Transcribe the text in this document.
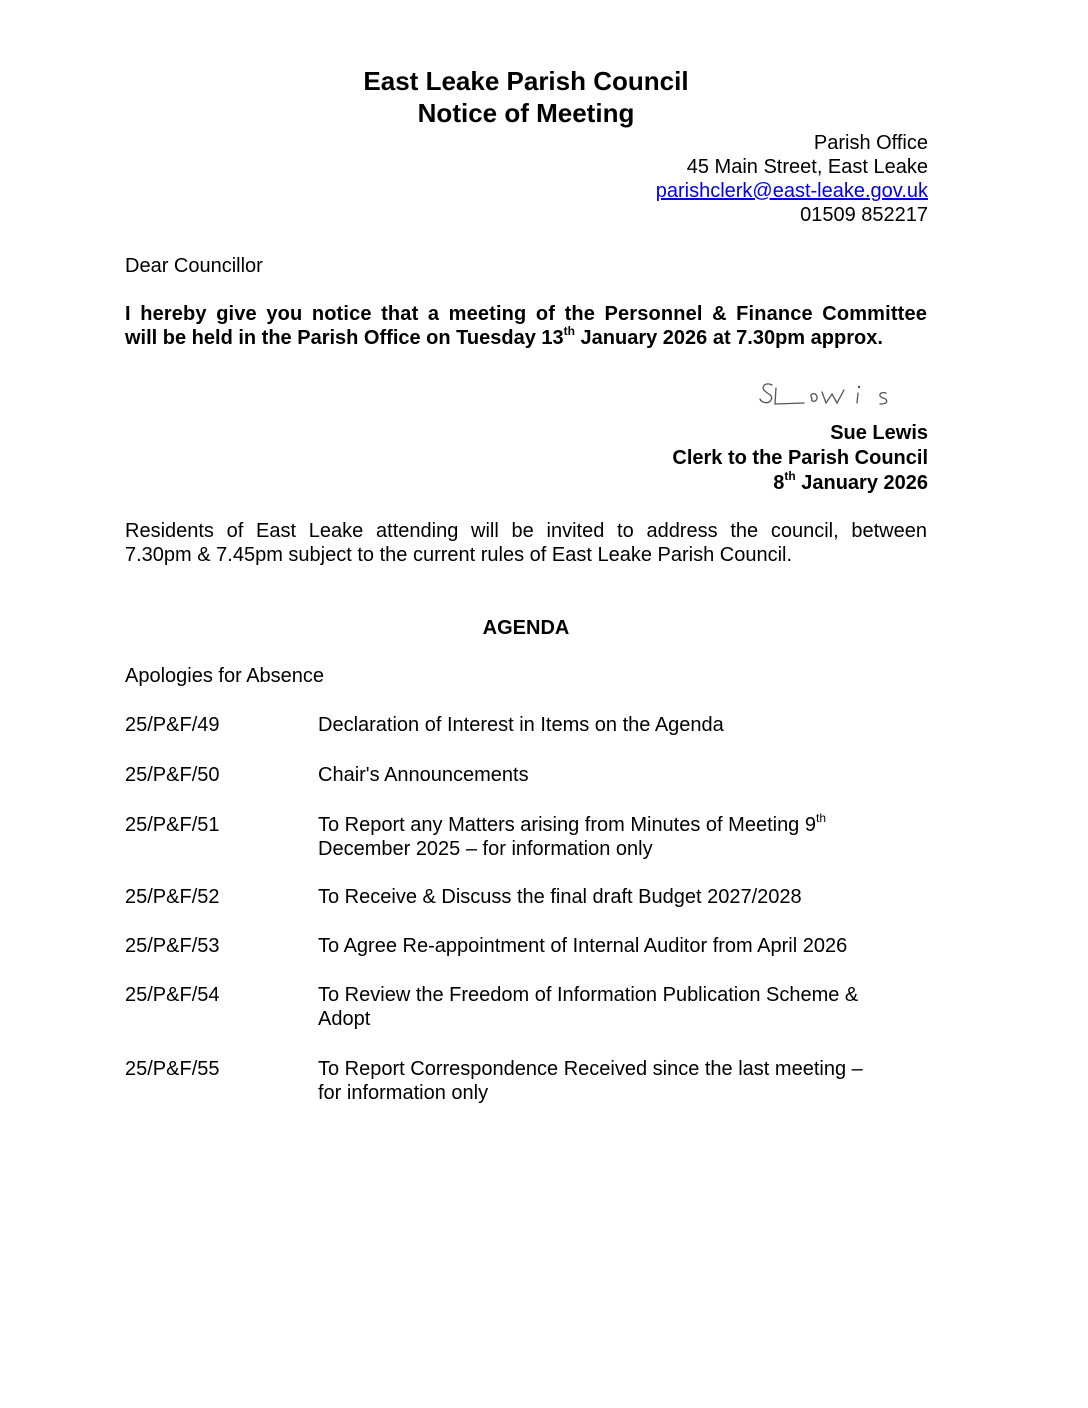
East Leake Parish Council
Notice of Meeting
Parish Office
45 Main Street, East Leake
parishclerk@east-leake.gov.uk
01509 852217
Dear Councillor
I hereby give you notice that a meeting of the Personnel & Finance Committee
will be held in the Parish Office on Tuesday 13th January 2026 at 7.30pm approx.
Sue Lewis
Clerk to the Parish Council
8th January 2026
Residents of East Leake attending will be invited to address the council, between
7.30pm & 7.45pm subject to the current rules of East Leake Parish Council.
AGENDA
Apologies for Absence
25/P&F/49	Declaration of Interest in Items on the Agenda
25/P&F/50	Chair's Announcements
25/P&F/51	To Report any Matters arising from Minutes of Meeting 9th
December 2025 – for information only
25/P&F/52	To Receive & Discuss the final draft Budget 2027/2028
25/P&F/53	To Agree Re-appointment of Internal Auditor from April 2026
25/P&F/54	To Review the Freedom of Information Publication Scheme &
Adopt
25/P&F/55	To Report Correspondence Received since the last meeting –
for information only
